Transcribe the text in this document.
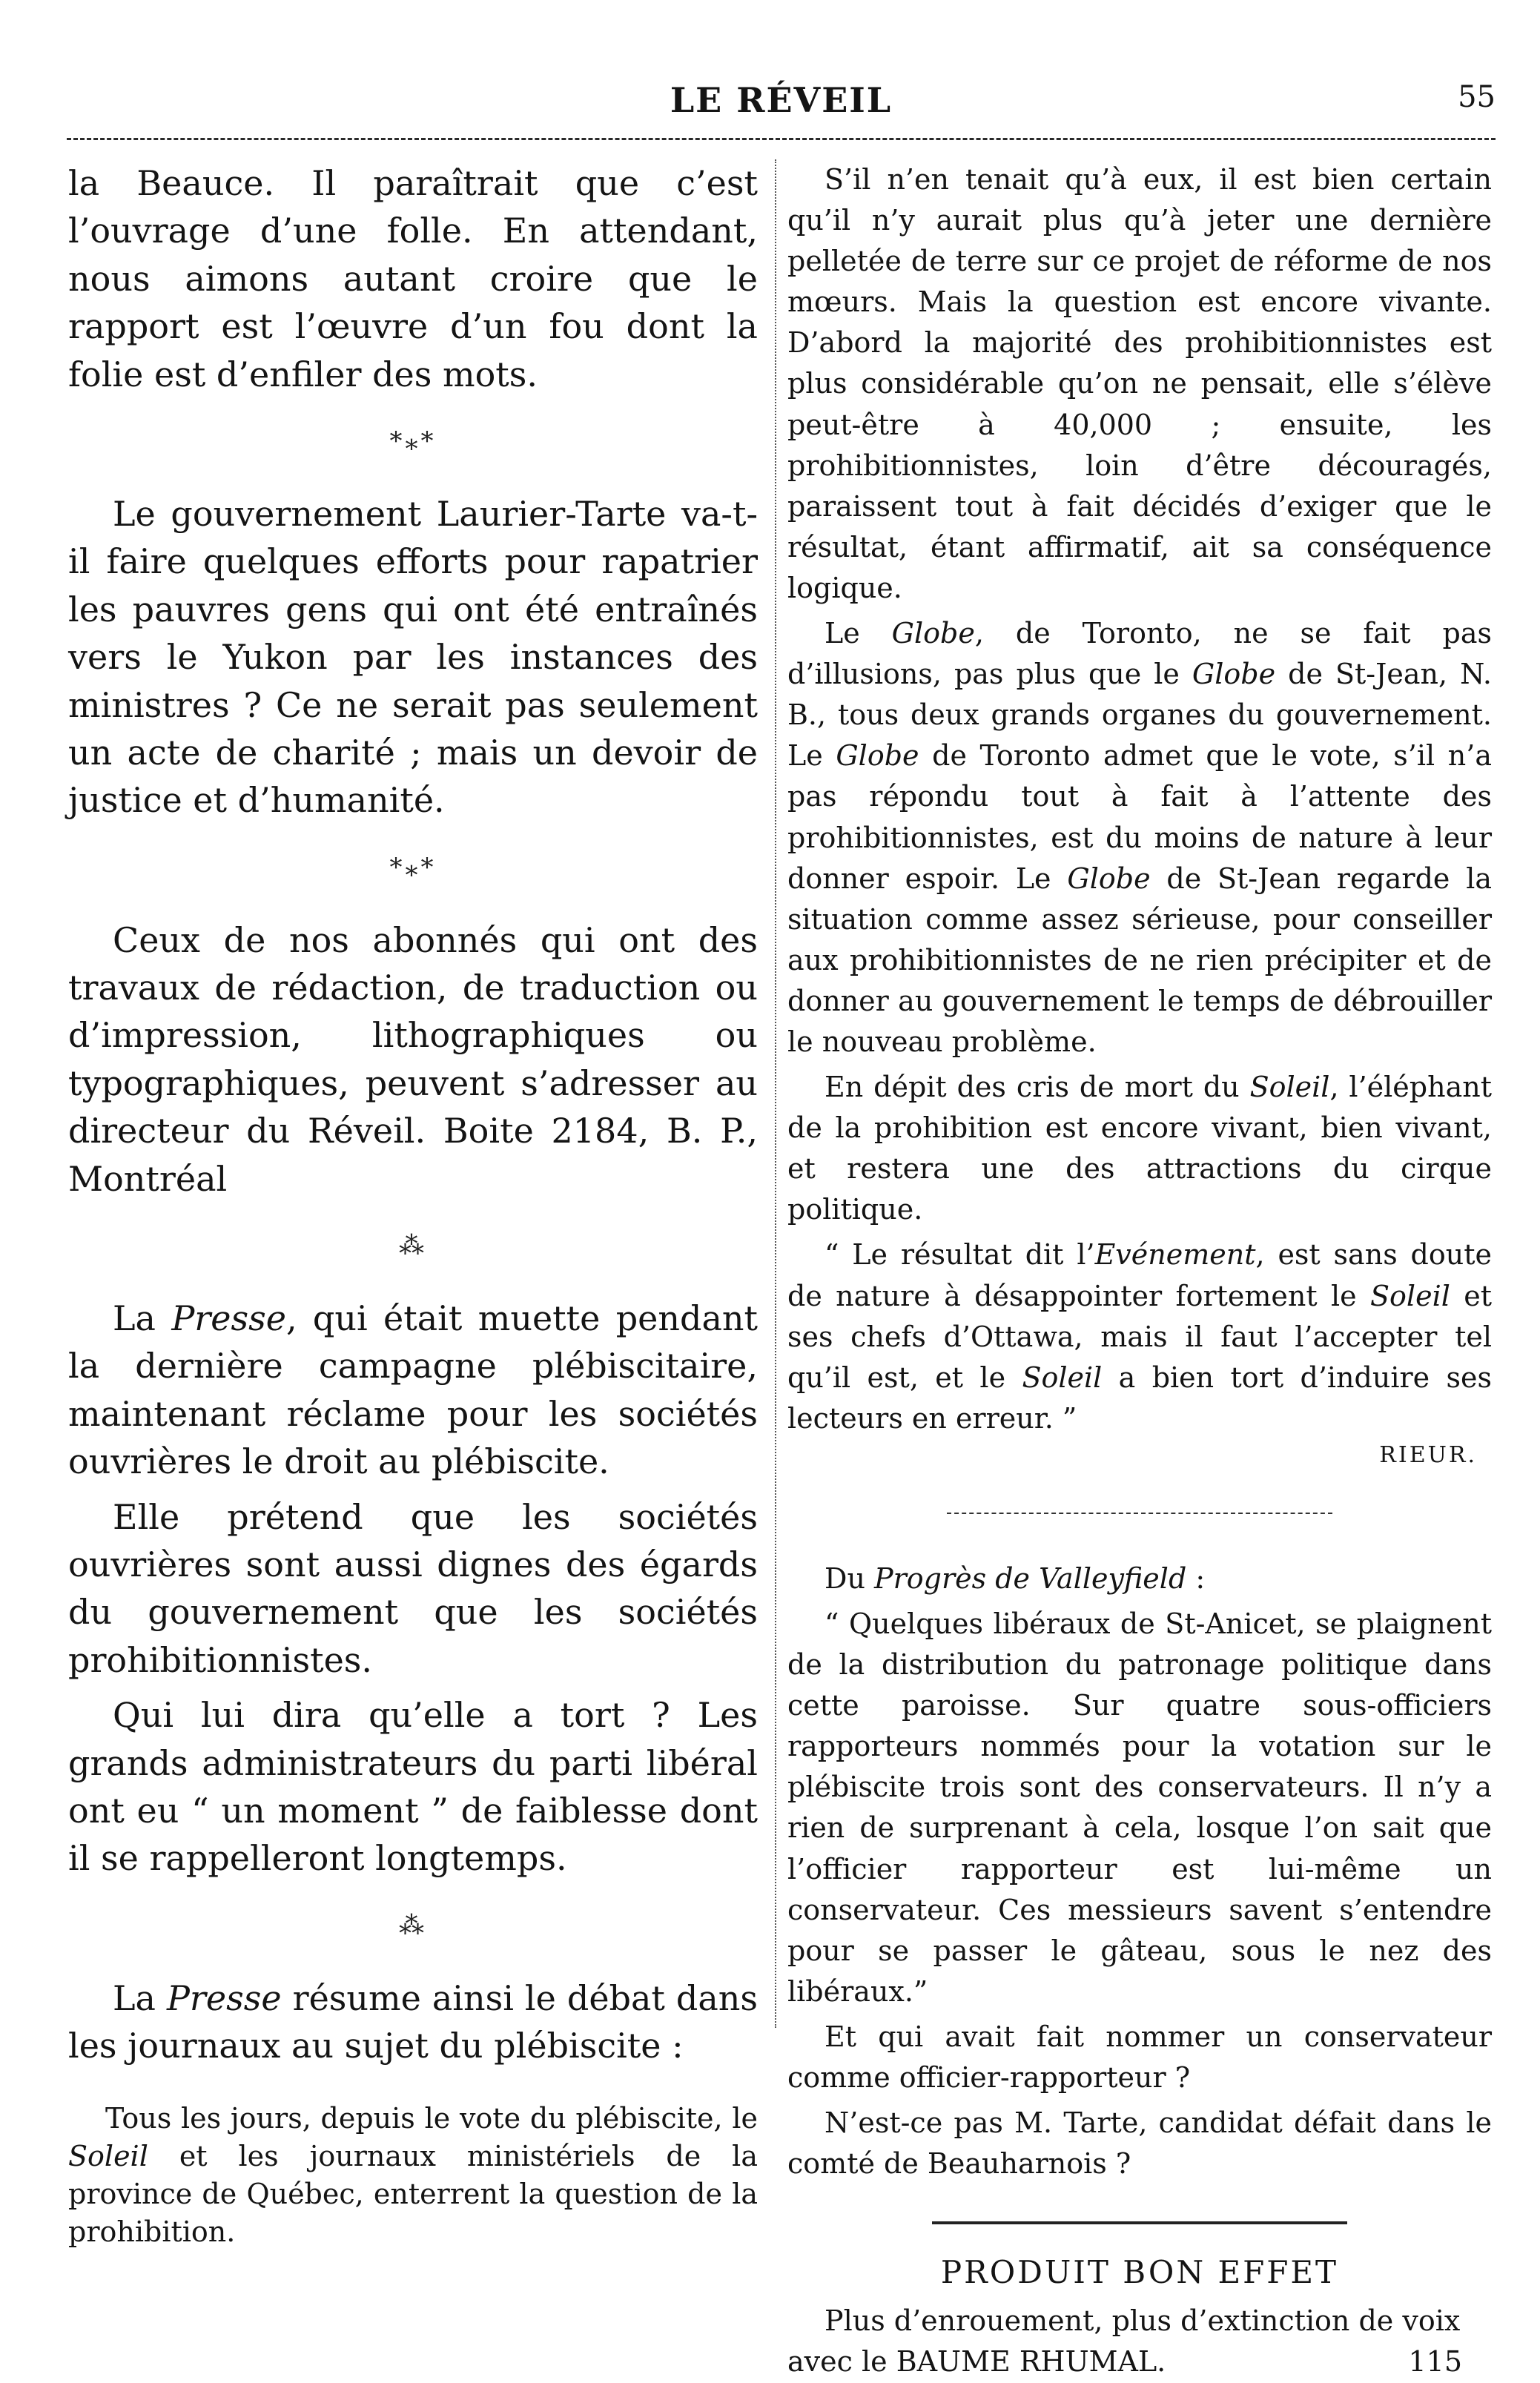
LE RÉVEIL	55

la Beauce. Il paraîtrait que c’est l’ouvrage d’une folle. En attendant, nous aimons autant croire que le rapport est l’œuvre d’un fou dont la folie est d’enfiler des mots.

*⁎*

Le gouvernement Laurier-Tarte va-t-il faire quelques efforts pour rapatrier les pauvres gens qui ont été entraînés vers le Yukon par les instances des ministres ? Ce ne serait pas seulement un acte de charité ; mais un devoir de justice et d’humanité.

*⁎*

Ceux de nos abonnés qui ont des travaux de rédaction, de traduction ou d’impression, lithographiques ou typographiques, peuvent s’adresser au directeur du Réveil. Boite 2184, B. P., Montréal

⁂

La Presse, qui était muette pendant la dernière campagne plébiscitaire, maintenant réclame pour les sociétés ouvrières le droit au plébiscite.

Elle prétend que les sociétés ouvrières sont aussi dignes des égards du gouvernement que les sociétés prohibitionnistes.

Qui lui dira qu’elle a tort ? Les grands administrateurs du parti libéral ont eu “ un moment ” de faiblesse dont il se rappelleront longtemps.

⁂

La Presse résume ainsi le débat dans les journaux au sujet du plébiscite :

Tous les jours, depuis le vote du plébiscite, le Soleil et les journaux ministériels de la province de Québec, enterrent la question de la prohibition.

S’il n’en tenait qu’à eux, il est bien certain qu’il n’y aurait plus qu’à jeter une dernière pelletée de terre sur ce projet de réforme de nos mœurs. Mais la question est encore vivante. D’abord la majorité des prohibitionnistes est plus considérable qu’on ne pensait, elle s’élève peut-être à 40,000 ; ensuite, les prohibitionnistes, loin d’être découragés, paraissent tout à fait décidés d’exiger que le résultat, étant affirmatif, ait sa conséquence logique.

Le Globe, de Toronto, ne se fait pas d’illusions, pas plus que le Globe de St-Jean, N. B., tous deux grands organes du gouvernement. Le Globe de Toronto admet que le vote, s’il n’a pas répondu tout à fait à l’attente des prohibitionnistes, est du moins de nature à leur donner espoir. Le Globe de St-Jean regarde la situation comme assez sérieuse, pour conseiller aux prohibitionnistes de ne rien précipiter et de donner au gouvernement le temps de débrouiller le nouveau problème.

En dépit des cris de mort du Soleil, l’éléphant de la prohibition est encore vivant, bien vivant, et restera une des attractions du cirque politique.

“ Le résultat dit l’Evénement, est sans doute de nature à désappointer fortement le Soleil et ses chefs d’Ottawa, mais il faut l’accepter tel qu’il est, et le Soleil a bien tort d’induire ses lecteurs en erreur. ”

RIEUR.

Du Progrès de Valleyfield :

“ Quelques libéraux de St-Anicet, se plaignent de la distribution du patronage politique dans cette paroisse. Sur quatre sous-officiers rapporteurs nommés pour la votation sur le plébiscite trois sont des conservateurs. Il n’y a rien de surprenant à cela, losque l’on sait que l’officier rapporteur est lui-même un conservateur. Ces messieurs savent s’entendre pour se passer le gâteau, sous le nez des libéraux.”

Et qui avait fait nommer un conservateur comme officier-rapporteur ?

N’est-ce pas M. Tarte, candidat défait dans le comté de Beauharnois ?

PRODUIT BON EFFET
Plus d’enrouement, plus d’extinction de voix
avec le BAUME RHUMAL.	115
